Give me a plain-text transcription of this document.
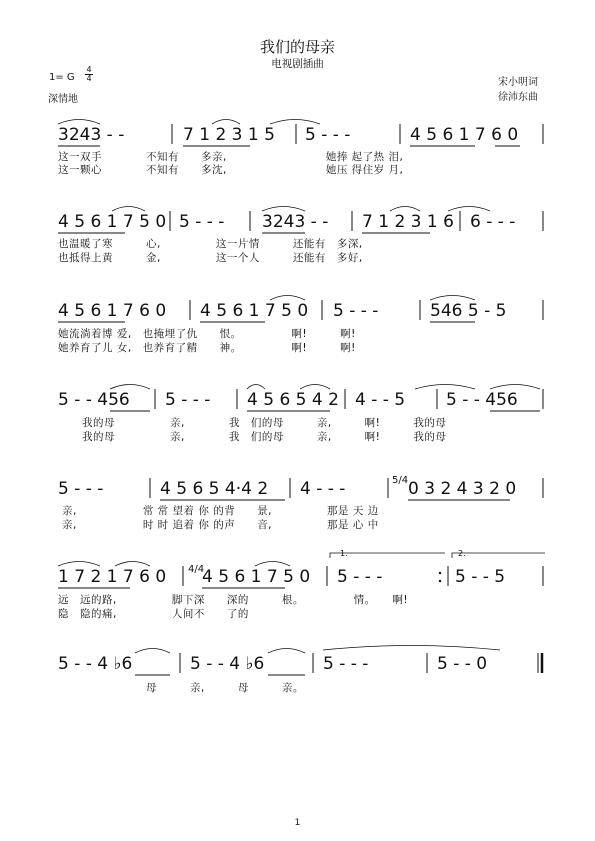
我们的母亲
电视剧插曲
1= G
4
4
深情地
宋小明词
徐沛东曲
3243 - -	7 1 2 3 1 5 5 - - -	4 5 6 1 7 6 0
这一双手　　　　不知有　　多亲,　　　　　　　　　她捧 起了热 泪,
这一颗心　　　　不知有　　多沈,　　　　　　　　　她压 得住岁 月,
4 5 6 1 7 5 0 5 - - - 3243 - - 7 1 2 3 1 6 6 - - -
也温暖了寒　　　心,　　　　　这一片情　　　还能有　多深,
也抵得上黄　　　金,　　　　　这一个人　　　还能有　多好,
4 5 6 1 7 6 0 4 5 6 1 7 5 0 5 - - -	546 5 - 5
她流淌着博 爱,　也掩埋了仇　　恨。　　　　　啊!　　　啊!
她养育了儿 女,　也养育了精　　神。　　　　　啊!　　　啊!
5 - - 456 5 - - - 4 5 6 5 4 2 4 - - 5 5 - - 456
我的母　　　　　亲,　　　　我　们的母　　　亲,　　　啊!　　　我的母
我的母　　　　　亲,　　　　我　们的母　　　亲,　　　啊!　　　我的母
5 - - -	4 5 6 5 4·4 2 4 - - -	5/4 0 3 2 4 3 2 0
亲,　　　　　　常 常 望着 你 的背　　景,　　　　　那是 天 边
亲,　　　　　　时 时 追着 你 的声　　音,　　　　　那是 心 中
1.	2.
1 7 2 1 7 6 0 4/4
4 5 6 1 7 5 0 5 - - -	5 - - 5
远　远的路,　　　　　脚下深　　深的　　　根。　　　　　情。　　啊!
隐　隐的痛,　　　　　人间不　　了的
5 - - 4 ♭6	5 - - 4 ♭6	5 - - -	5 - - 0
母　　　亲,　　　母　　　亲。
1
